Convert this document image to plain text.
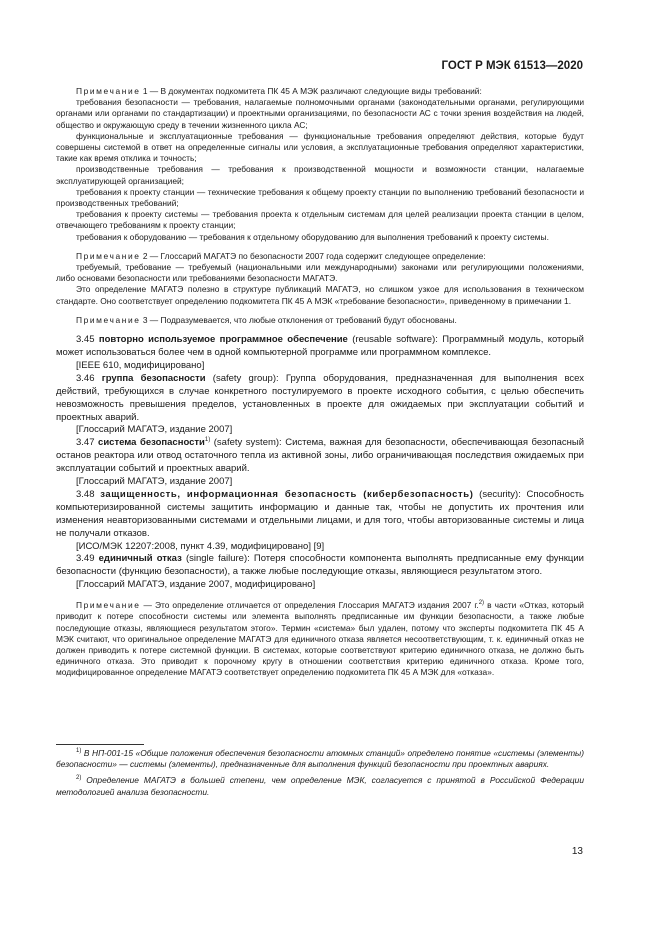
ГОСТ Р МЭК 61513—2020

Примечание 1 — В документах подкомитета ПК 45 А МЭК различают следующие виды требований:

требования безопасности — требования, налагаемые полномочными органами (законодательными органами, регулирующими органами или органами по стандартизации) и проектными организациями, по безопасности АС с точки зрения воздействия на людей, общество и окружающую среду в течении жизненного цикла АС;

функциональные и эксплуатационные требования — функциональные требования определяют действия, которые будут совершены системой в ответ на определенные сигналы или условия, а эксплуатационные требования определяют характеристики, такие как время отклика и точность;

производственные требования — требования к производственной мощности и возможности станции, налагаемые эксплуатирующей организацией;

требования к проекту станции — технические требования к общему проекту станции по выполнению требований безопасности и производственных требований;

требования к проекту системы — требования проекта к отдельным системам для целей реализации проекта станции в целом, отвечающего требованиям к проекту станции;

требования к оборудованию — требования к отдельному оборудованию для выполнения требований к проекту системы.

Примечание 2 — Глоссарий МАГАТЭ по безопасности 2007 года содержит следующее определение:

требуемый, требование — требуемый (национальными или международными) законами или регулирующими положениями, либо основами безопасности или требованиями безопасности МАГАТЭ.

Это определение МАГАТЭ полезно в структуре публикаций МАГАТЭ, но слишком узкое для использования в техническом стандарте. Оно соответствует определению подкомитета ПК 45 А МЭК «требование безопасности», приведенному в примечании 1.

Примечание 3 — Подразумевается, что любые отклонения от требований будут обоснованы.

3.45 повторно используемое программное обеспечение (reusable software): Программный модуль, который может использоваться более чем в одной компьютерной программе или программном комплексе.

[IEEE 610, модифицировано]

3.46 группа безопасности (safety group): Группа оборудования, предназначенная для выполнения всех действий, требующихся в случае конкретного постулируемого в проекте исходного события, с целью обеспечить невозможность превышения пределов, установленных в проекте для ожидаемых при эксплуатации событий и проектных аварий.

[Глоссарий МАГАТЭ, издание 2007]

3.47 система безопасности$^{1)}$ (safety system): Система, важная для безопасности, обеспечивающая безопасный останов реактора или отвод остаточного тепла из активной зоны, либо ограничивающая последствия ожидаемых при эксплуатации событий и проектных аварий.

[Глоссарий МАГАТЭ, издание 2007]

3.48 защищенность, информационная безопасность (кибербезопасность) (security): Способность компьютеризированной системы защитить информацию и данные так, чтобы не допустить их прочтения или изменения неавторизованными системами и отдельными лицами, и для того, чтобы авторизованные системы и лица не получали отказов.

[ИСО/МЭК 12207:2008, пункт 4.39, модифицировано] [9]

3.49 единичный отказ (single failure): Потеря способности компонента выполнять предписанные ему функции безопасности (функцию безопасности), а также любые последующие отказы, являющиеся результатом этого.

[Глоссарий МАГАТЭ, издание 2007, модифицировано]

Примечание — Это определение отличается от определения Глоссария МАГАТЭ издания 2007 г.$^{2)}$ в части «Отказ, который приводит к потере способности системы или элемента выполнять предписанные им функции безопасности, а также любые последующие отказы, являющиеся результатом этого». Термин «система» был удален, потому что эксперты подкомитета ПК 45 А МЭК считают, что оригинальное определение МАГАТЭ для единичного отказа является несоответствующим, т. к. единичный отказ не должен приводить к потере системной функции. В системах, которые соответствуют критерию единичного отказа, не должно быть единичного отказа. Это приводит к порочному кругу в отношении соответствия критерию единичного отказа. Кроме того, модифицированное определение МАГАТЭ соответствует определению подкомитета ПК 45 А МЭК для «отказа».

$^{1)}$ В НП-001-15 «Общие положения обеспечения безопасности атомных станций» определено понятие «системы (элементы) безопасности» — системы (элементы), предназначенные для выполнения функций безопасности при проектных авариях.

$^{2)}$ Определение МАГАТЭ в большей степени, чем определение МЭК, согласуется с принятой в Российской Федерации методологией анализа безопасности.

13
